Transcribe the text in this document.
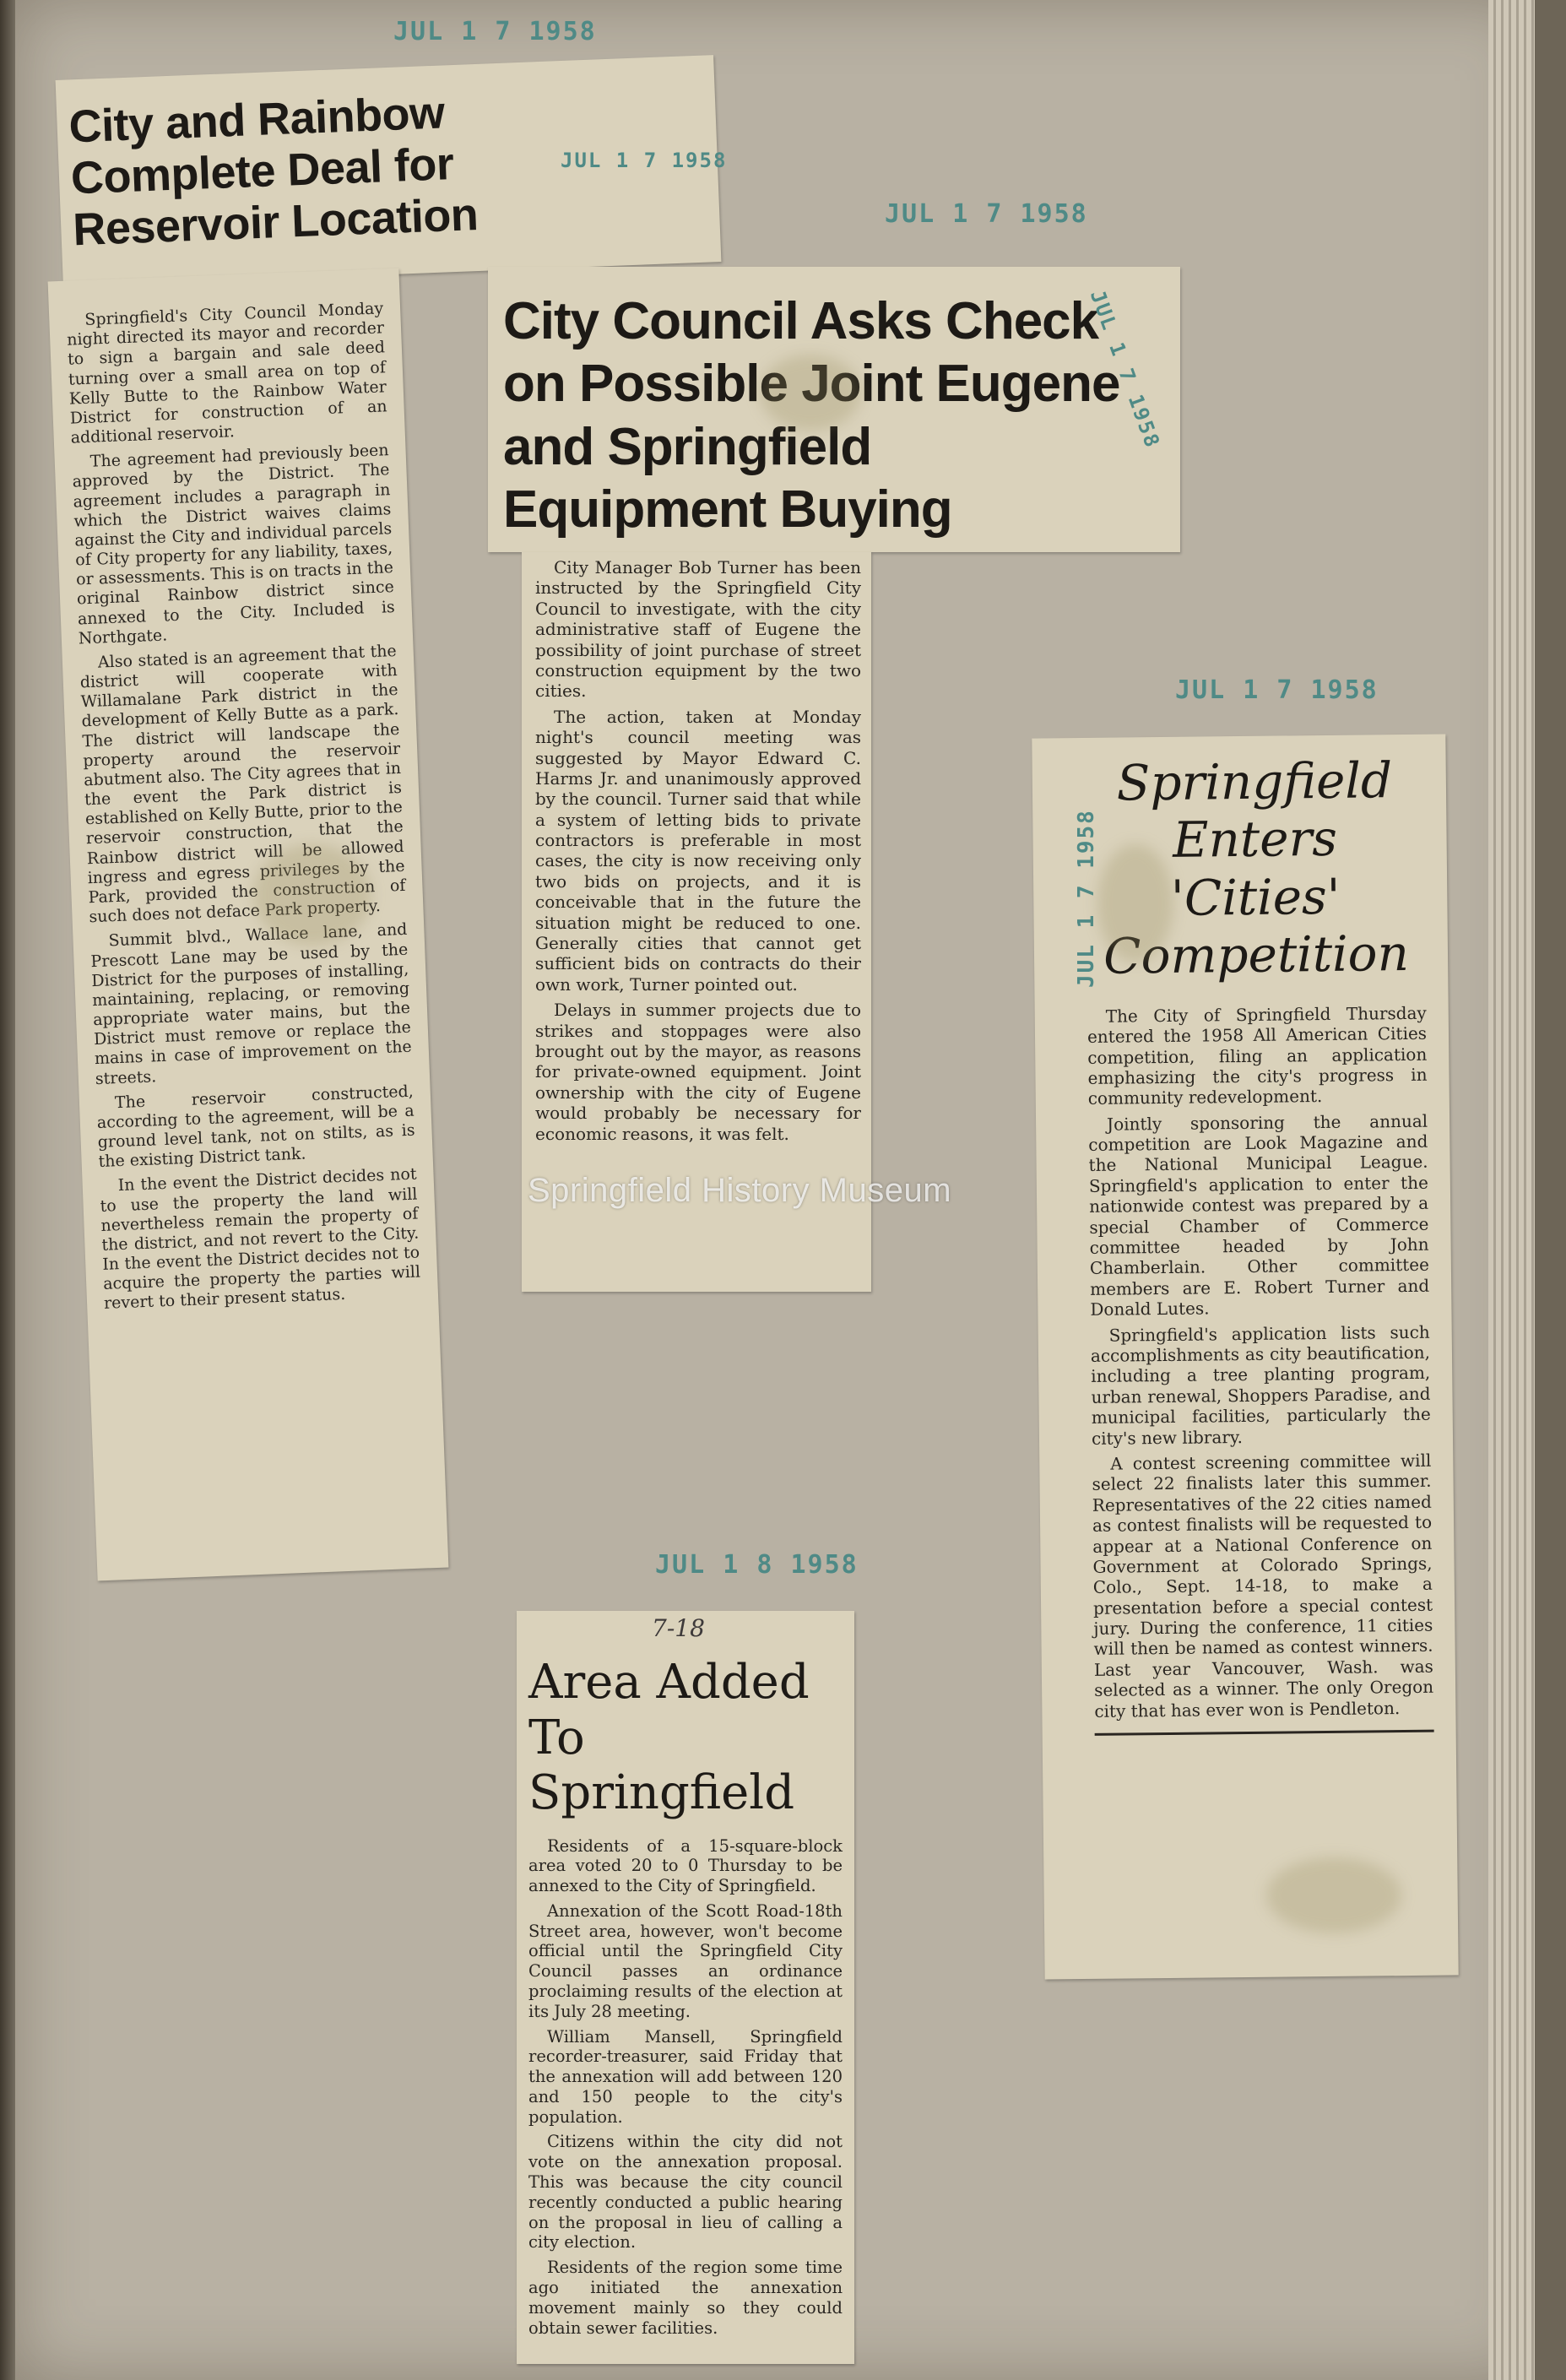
JUL 1 7 1958
JUL 1 7 1958
JUL 1 7 1958
JUL 1 8 1958
City and Rainbow Complete Deal for Reservoir Location
JUL 1 7 1958

Springfield's City Council Monday night directed its mayor and recorder to sign a bargain and sale deed turning over a small area on top of Kelly Butte to the Rainbow Water District for construction of an additional reservoir.

The agreement had previously been approved by the District. The agreement includes a paragraph in which the District waives claims against the City and individual parcels of City property for any liability, taxes, or assessments. This is on tracts in the original Rainbow district since annexed to the City. Included is Northgate.

Also stated is an agreement that the district will cooperate with Willamalane Park district in the development of Kelly Butte as a park. The district will landscape the property around the reservoir abutment also. The City agrees that in the event the Park district is established on Kelly Butte, prior to the reservoir construction, that the Rainbow district will be allowed ingress and egress privileges by the Park, provided the construction of such does not deface Park property.

Summit blvd., Wallace lane, and Prescott Lane may be used by the District for the purposes of installing, maintaining, replacing, or removing appropriate water mains, but the District must remove or replace the mains in case of improvement on the streets.

The reservoir constructed, according to the agreement, will be a ground level tank, not on stilts, as is the existing District tank.

In the event the District decides not to use the property the land will nevertheless remain the property of the district, and not revert to the City. In the event the District decides not to acquire the property the parties will revert to their present status.

City Council Asks Check on Possible Joint Eugene and Springfield Equipment Buying
JUL 1 7 1958

City Manager Bob Turner has been instructed by the Springfield City Council to investigate, with the city administrative staff of Eugene the possibility of joint purchase of street construction equipment by the two cities.

The action, taken at Monday night's council meeting was suggested by Mayor Edward C. Harms Jr. and unanimously approved by the council. Turner said that while a system of letting bids to private contractors is preferable in most cases, the city is now receiving only two bids on projects, and it is conceivable that in the future the situation might be reduced to one. Generally cities that cannot get sufficient bids on contracts do their own work, Turner pointed out.

Delays in summer projects due to strikes and stoppages were also brought out by the mayor, as reasons for private-owned equipment. Joint ownership with the city of Eugene would probably be necessary for economic reasons, it was felt.

Springfield Enters 'Cities' Competition

The City of Springfield Thursday entered the 1958 All American Cities competition, filing an application emphasizing the city's progress in community redevelopment.

Jointly sponsoring the annual competition are Look Magazine and the National Municipal League. Springfield's application to enter the nationwide contest was prepared by a special Chamber of Commerce committee headed by John Chamberlain. Other committee members are E. Robert Turner and Donald Lutes.

Springfield's application lists such accomplishments as city beautification, including a tree planting program, urban renewal, Shoppers Paradise, and municipal facilities, particularly the city's new library.

A contest screening committee will select 22 finalists later this summer. Representatives of the 22 cities named as contest finalists will be requested to appear at a National Conference on Government at Colorado Springs, Colo., Sept. 14-18, to make a presentation before a special contest jury. During the conference, 11 cities will then be named as contest winners. Last year Vancouver, Wash. was selected as a winner. The only Oregon city that has ever won is Pendleton.

JUL 1 7 1958
7-18
Area Added To Springfield

Residents of a 15-square-block area voted 20 to 0 Thursday to be annexed to the City of Springfield.

Annexation of the Scott Road-18th Street area, however, won't become official until the Springfield City Council passes an ordinance proclaiming results of the election at its July 28 meeting.

William Mansell, Springfield recorder-treasurer, said Friday that the annexation will add between 120 and 150 people to the city's population.

Citizens within the city did not vote on the annexation proposal. This was because the city council recently conducted a public hearing on the proposal in lieu of calling a city election.

Residents of the region some time ago initiated the annexation movement mainly so they could obtain sewer facilities.

Springfield History Museum
